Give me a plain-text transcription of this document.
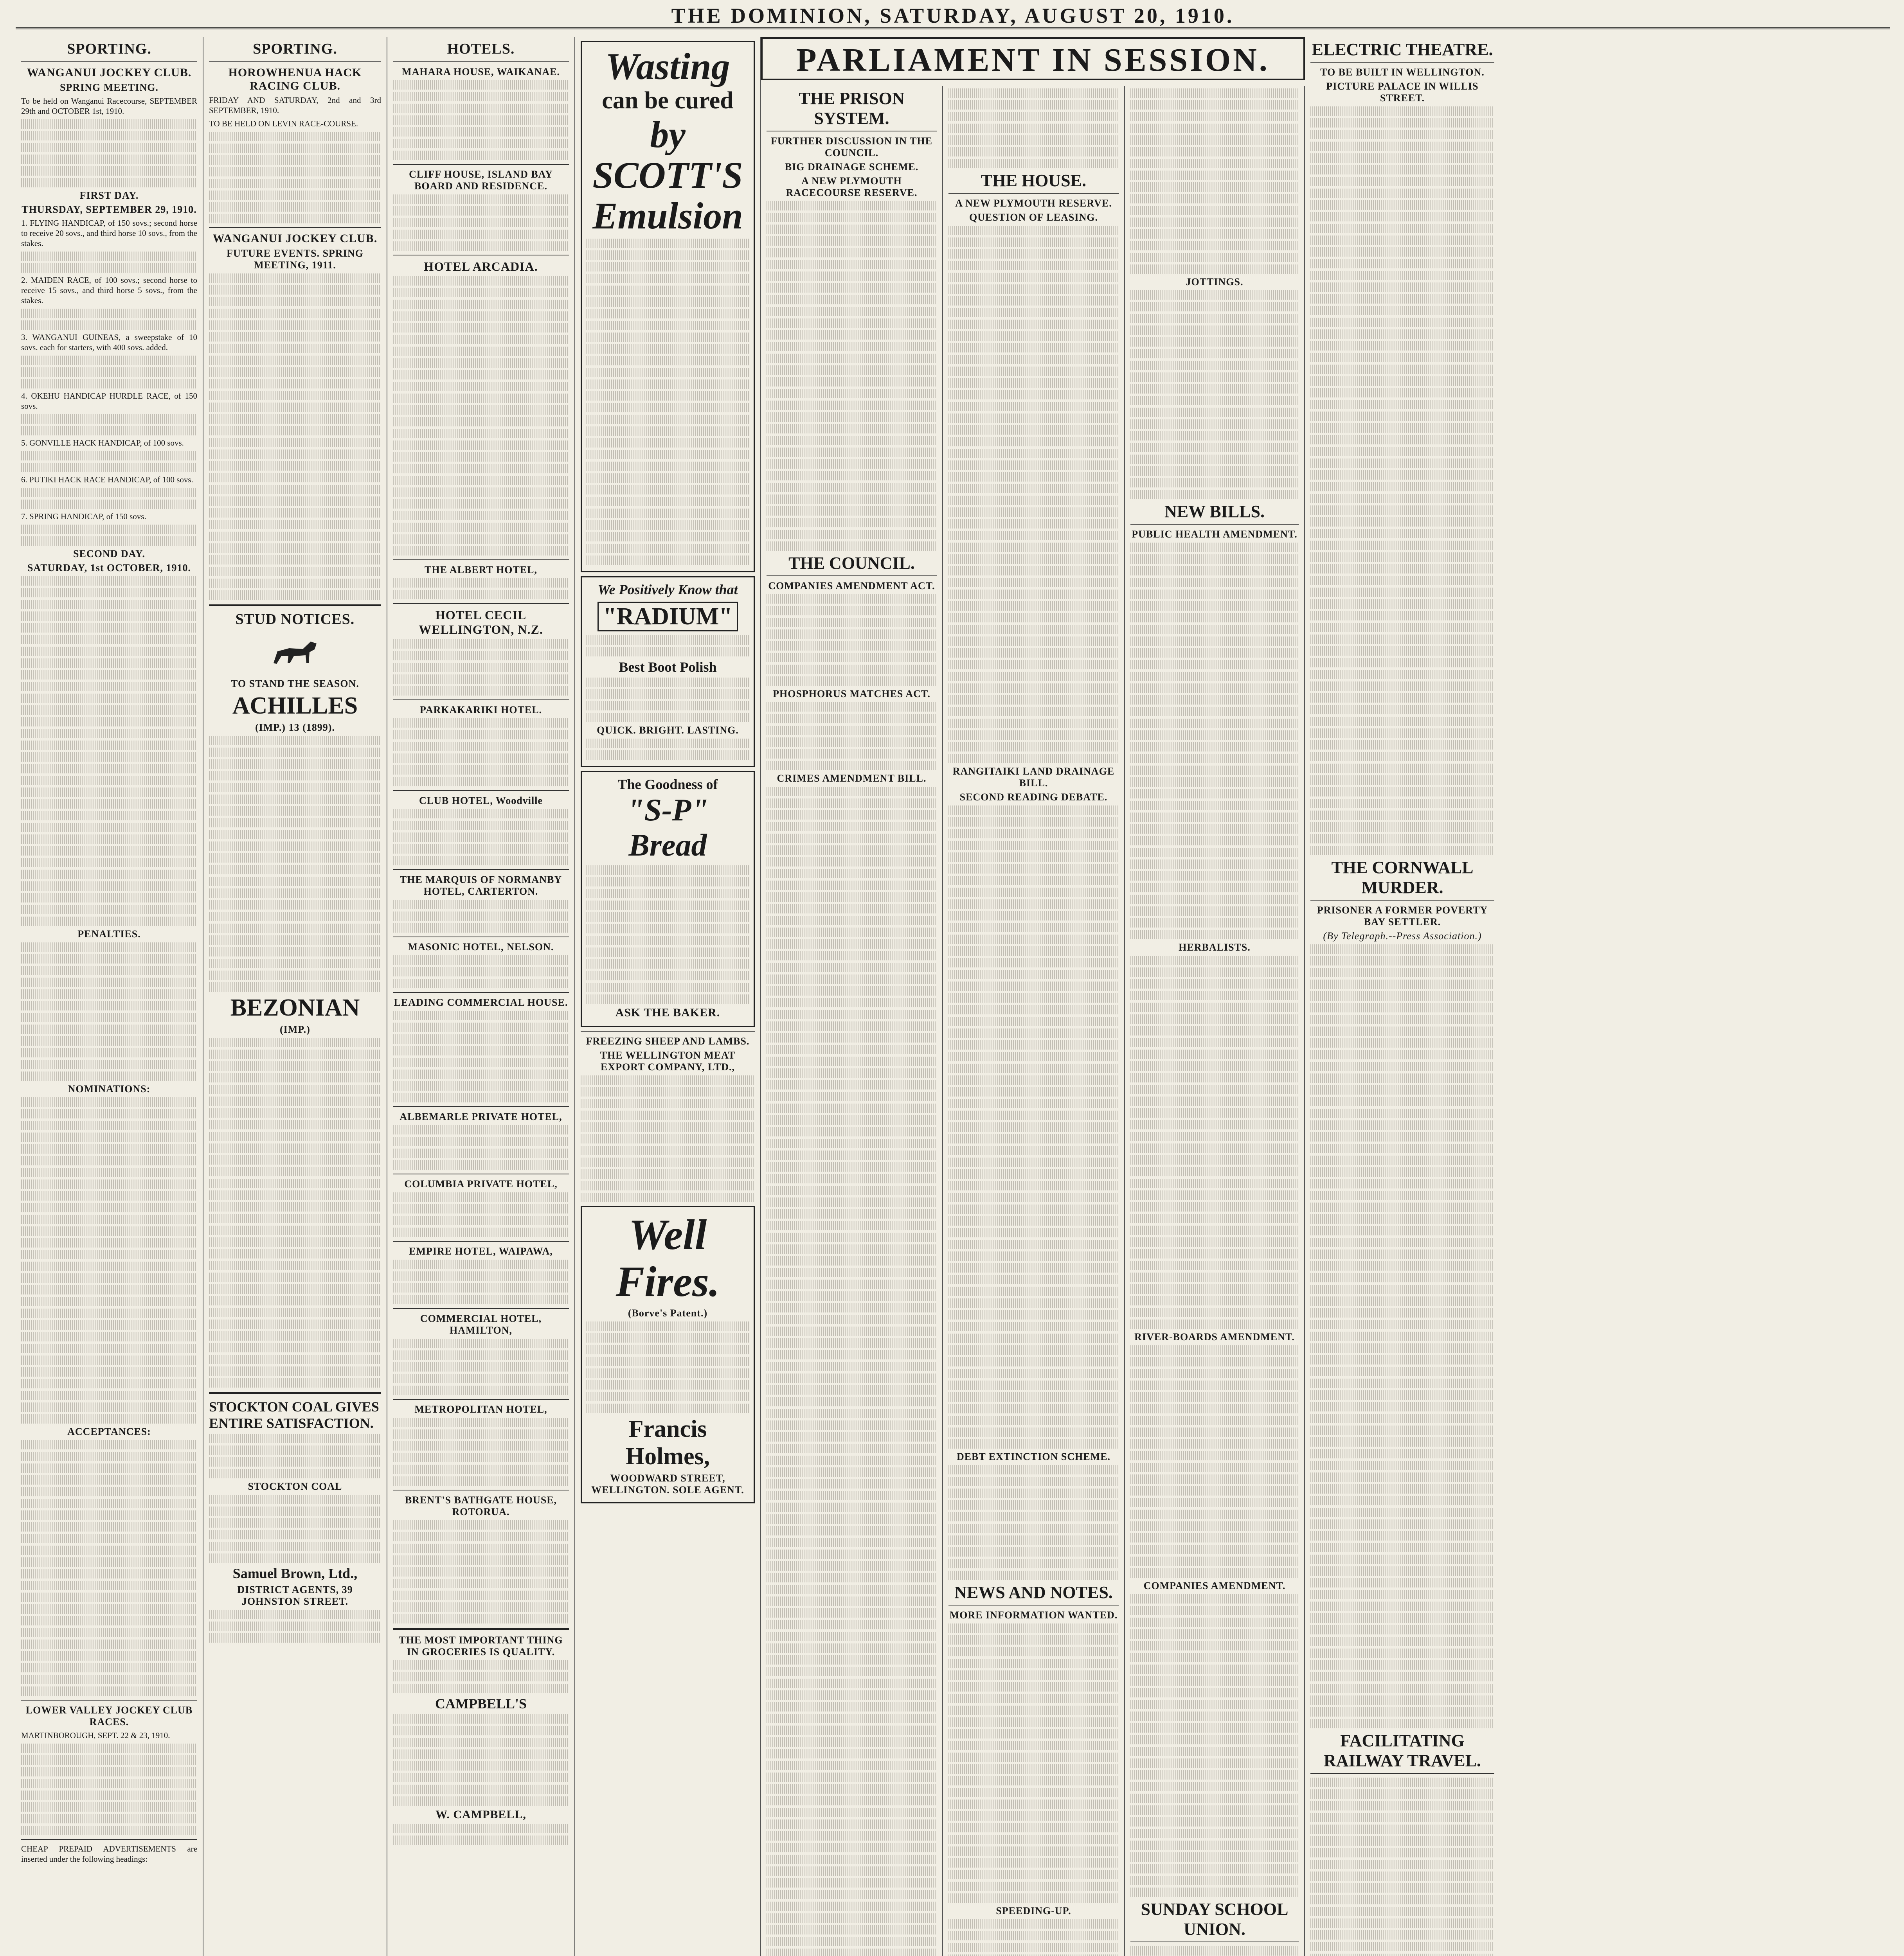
THE DOMINION, SATURDAY, AUGUST 20, 1910.
SPORTING.
WANGANUI JOCKEY CLUB.
SPRING MEETING.

To be held on Wanganui Racecourse, SEPTEMBER 29th and OCTOBER 1st, 1910.

FIRST DAY.
THURSDAY, SEPTEMBER 29, 1910.

1. FLYING HANDICAP, of 150 sovs.; second horse to receive 20 sovs., and third horse 10 sovs., from the stakes.

2. MAIDEN RACE, of 100 sovs.; second horse to receive 15 sovs., and third horse 5 sovs., from the stakes.

3. WANGANUI GUINEAS, a sweepstake of 10 sovs. each for starters, with 400 sovs. added.

4. OKEHU HANDICAP HURDLE RACE, of 150 sovs.

5. GONVILLE HACK HANDICAP, of 100 sovs.

6. PUTIKI HACK RACE HANDICAP, of 100 sovs.

7. SPRING HANDICAP, of 150 sovs.

SECOND DAY.
SATURDAY, 1st OCTOBER, 1910.
PENALTIES.
NOMINATIONS:
ACCEPTANCES:
LOWER VALLEY JOCKEY CLUB RACES.

MARTINBOROUGH, SEPT. 22 & 23, 1910.

CHEAP PREPAID ADVERTISEMENTS are inserted under the following headings:

SPORTING.
HOROWHENUA HACK RACING CLUB.

FRIDAY AND SATURDAY, 2nd and 3rd SEPTEMBER, 1910.

TO BE HELD ON LEVIN RACE-COURSE.

WANGANUI JOCKEY CLUB.
FUTURE EVENTS. SPRING MEETING, 1911.
STUD NOTICES.
TO STAND THE SEASON.
ACHILLES
(IMP.) 13 (1899).
BEZONIAN
(IMP.)
STOCKTON COAL GIVES ENTIRE SATISFACTION.
STOCKTON COAL
Samuel Brown, Ltd.,
DISTRICT AGENTS, 39 JOHNSTON STREET.
HOTELS.
MAHARA HOUSE, WAIKANAE.
CLIFF HOUSE, ISLAND BAY BOARD AND RESIDENCE.
HOTEL ARCADIA.
THE ALBERT HOTEL,
HOTEL CECIL WELLINGTON, N.Z.
PARKAKARIKI HOTEL.
CLUB HOTEL, Woodville
THE MARQUIS OF NORMANBY HOTEL, CARTERTON.
MASONIC HOTEL, NELSON.
LEADING COMMERCIAL HOUSE.
ALBEMARLE PRIVATE HOTEL,
COLUMBIA PRIVATE HOTEL,
EMPIRE HOTEL, WAIPAWA,
COMMERCIAL HOTEL, HAMILTON,
METROPOLITAN HOTEL,
BRENT'S BATHGATE HOUSE, ROTORUA.
THE MOST IMPORTANT THING IN GROCERIES IS QUALITY.
CAMPBELL'S
W. CAMPBELL,
Wasting
can be cured
by SCOTT'S
Emulsion
We Positively Know that
"RADIUM"
Best Boot Polish
QUICK. BRIGHT. LASTING.
The Goodness of
"S-P" Bread
ASK THE BAKER.
FREEZING SHEEP AND LAMBS.
THE WELLINGTON MEAT EXPORT COMPANY, LTD.,
Well Fires.
(Borve's Patent.)
Francis Holmes,
WOODWARD STREET, WELLINGTON. SOLE AGENT.
PARLIAMENT IN SESSION.
THE PRISON SYSTEM.
FURTHER DISCUSSION IN THE COUNCIL.
BIG DRAINAGE SCHEME.
A NEW PLYMOUTH RACECOURSE RESERVE.
THE COUNCIL.
COMPANIES AMENDMENT ACT.
PHOSPHORUS MATCHES ACT.
CRIMES AMENDMENT BILL.
THE HOUSE.
A NEW PLYMOUTH RESERVE.
QUESTION OF LEASING.
RANGITAIKI LAND DRAINAGE BILL.
SECOND READING DEBATE.
DEBT EXTINCTION SCHEME.
NEWS AND NOTES.
MORE INFORMATION WANTED.
SPEEDING-UP.
JOTTINGS.
NEW BILLS.
PUBLIC HEALTH AMENDMENT.
HERBALISTS.
RIVER-BOARDS AMENDMENT.
COMPANIES AMENDMENT.
SUNDAY SCHOOL UNION.
ELECTRIC THEATRE.
TO BE BUILT IN WELLINGTON.
PICTURE PALACE IN WILLIS STREET.
THE CORNWALL MURDER.
PRISONER A FORMER POVERTY BAY SETTLER.
(By Telegraph.--Press Association.)
FACILITATING RAILWAY TRAVEL.
